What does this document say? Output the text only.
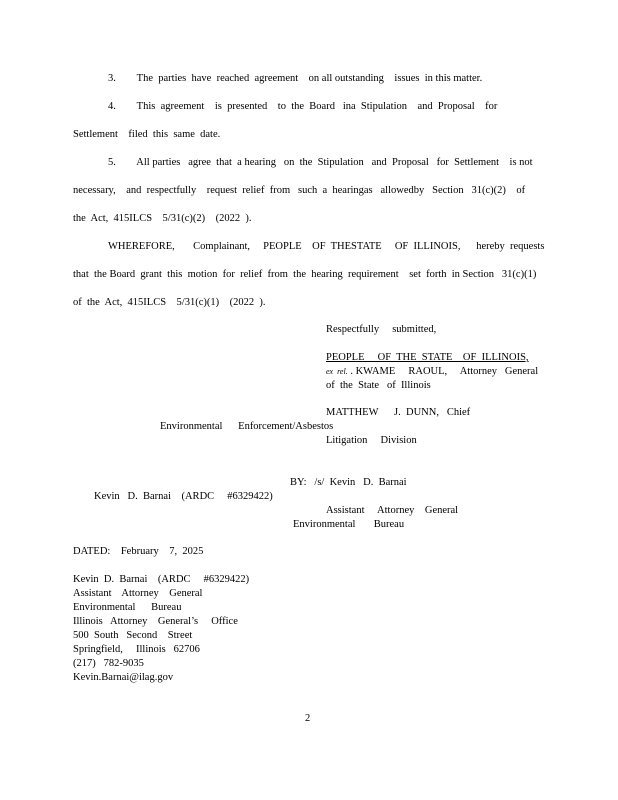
3.        The  parties  have  reached  agreement    on all outstanding    issues  in this matter.
4.        This  agreement    is  presented    to  the  Board   ina  Stipulation    and  Proposal    for
Settlement    filed  this  same  date.
5.        All parties   agree  that  a hearing   on  the  Stipulation   and  Proposal   for  Settlement    is not
necessary,    and  respectfully    request  relief  from   such  a  hearingas   allowedby   Section   31(c)(2)    of
the  Act,  415ILCS    5/31(c)(2)    (2022  ).
WHEREFORE,       Complainant,     PEOPLE    OF  THESTATE     OF  ILLINOIS,      hereby  requests
that  the Board  grant  this  motion  for  relief  from  the  hearing  requirement    set  forth  in Section   31(c)(1)
of  the  Act,  415ILCS    5/31(c)(1)    (2022  ).
Respectfully     submitted,
PEOPLE     OF  THE  STATE    OF  ILLINOIS,
ex  rel. . KWAME     RAOUL,     Attorney   General
of  the  State   of  Illinois
MATTHEW      J.  DUNN,   Chief
Environmental      Enforcement/Asbestos
Litigation     Division
BY:   /s/  Kevin   D.  Barnai
Kevin   D.  Barnai    (ARDC     #6329422)
Assistant     Attorney    General
Environmental       Bureau
DATED:    February    7,  2025
Kevin  D.  Barnai    (ARDC     #6329422)
Assistant    Attorney    General
Environmental      Bureau
Illinois   Attorney    General’s     Office
500  South   Second    Street
Springfield,     Illinois   62706
(217)   782-9035
Kevin.Barnai@ilag.gov
2
